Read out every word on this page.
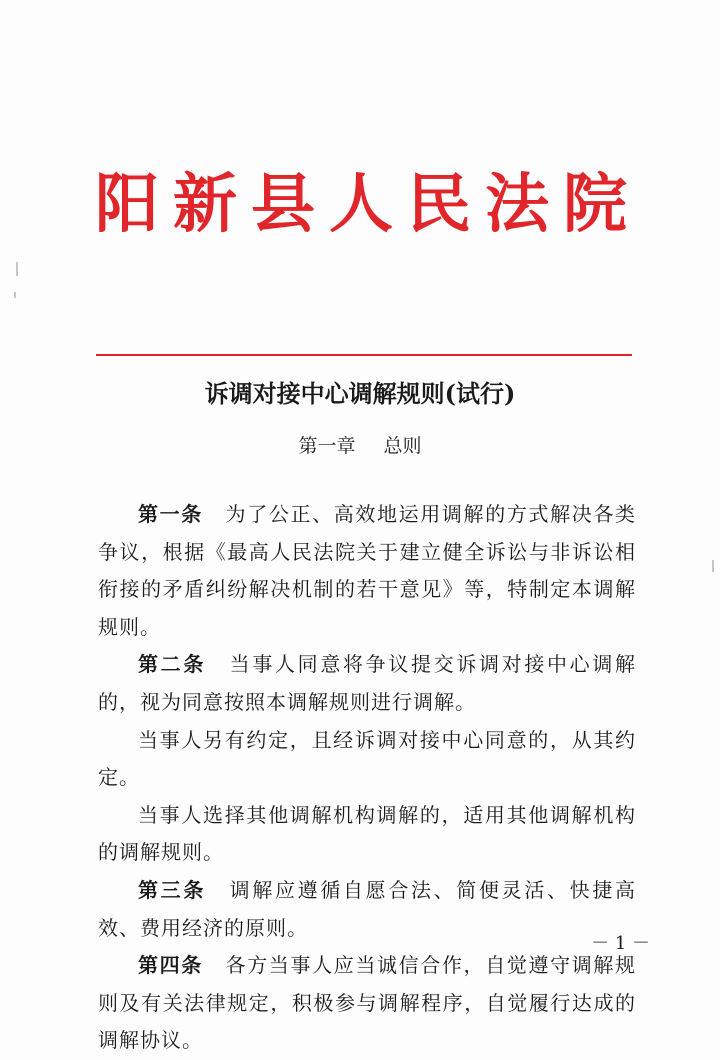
阳新县人民法院
诉调对接中心调解规则(试行)
第一章 总则

第一条 为了公正、高效地运用调解的方式解决各类争议，根据《最高人民法院关于建立健全诉讼与非诉讼相衔接的矛盾纠纷解决机制的若干意见》等，特制定本调解规则。

第二条 当事人同意将争议提交诉调对接中心调解的，视为同意按照本调解规则进行调解。

当事人另有约定，且经诉调对接中心同意的，从其约定。

当事人选择其他调解机构调解的，适用其他调解机构的调解规则。

第三条 调解应遵循自愿合法、简便灵活、快捷高效、费用经济的原则。

第四条 各方当事人应当诚信合作，自觉遵守调解规则及有关法律规定，积极参与调解程序，自觉履行达成的调解协议。

－ 1 －
